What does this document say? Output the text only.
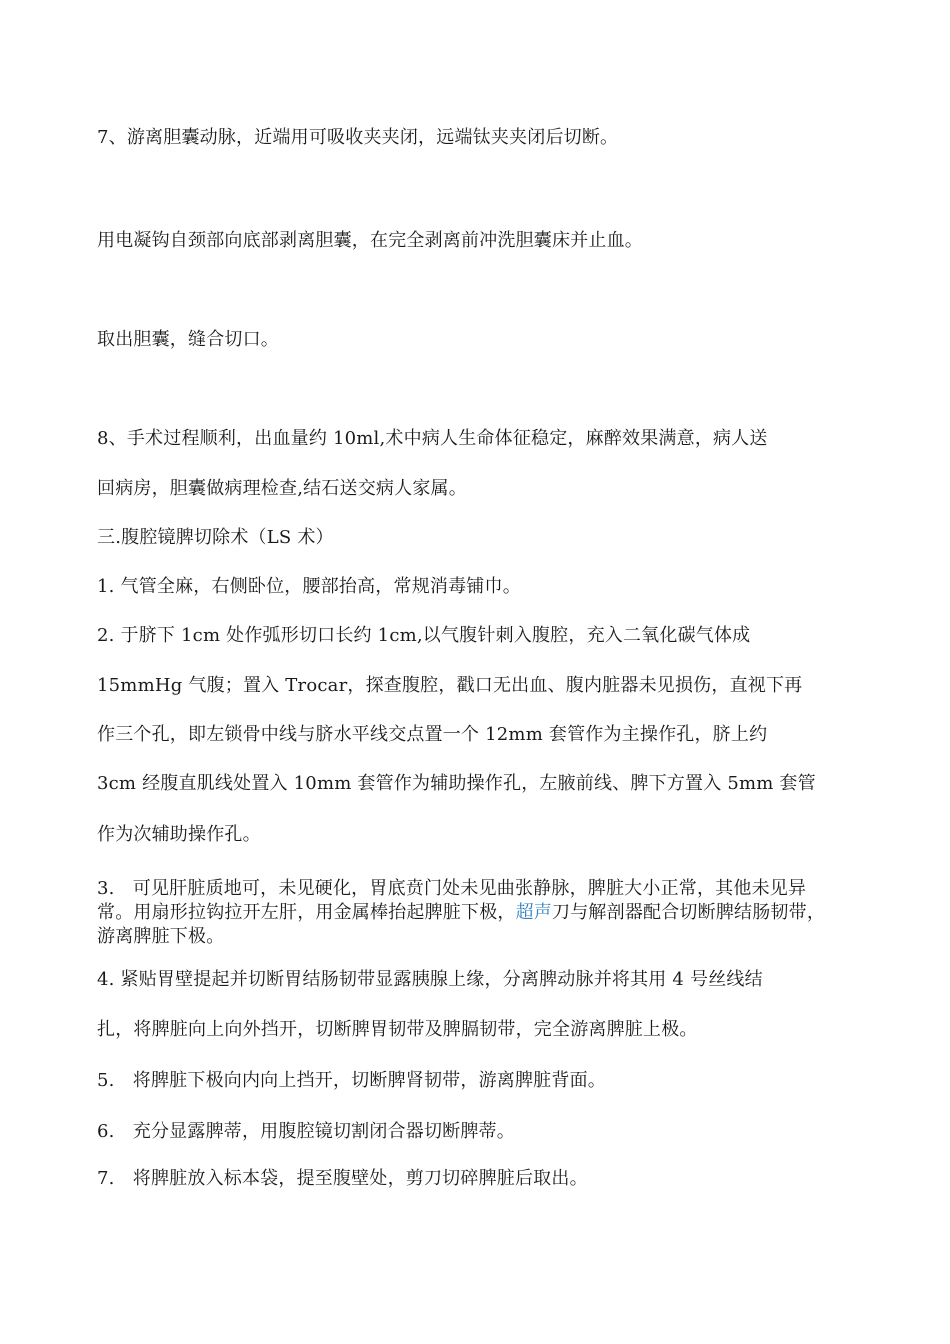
7、游离胆囊动脉，近端用可吸收夹夹闭，远端钛夹夹闭后切断。
用电凝钩自颈部向底部剥离胆囊，在完全剥离前冲洗胆囊床并止血。
取出胆囊，缝合切口。
8、手术过程顺利，出血量约 10ml,术中病人生命体征稳定，麻醉效果满意，病人送
回病房，胆囊做病理检查,结石送交病人家属。
三.腹腔镜脾切除术（LS 术）
1. 气管全麻，右侧卧位，腰部抬高，常规消毒铺巾。
2. 于脐下 1cm 处作弧形切口长约 1cm,以气腹针刺入腹腔，充入二氧化碳气体成
15mmHg 气腹；置入 Trocar，探查腹腔，戳口无出血、腹内脏器未见损伤，直视下再
作三个孔，即左锁骨中线与脐水平线交点置一个 12mm 套管作为主操作孔，脐上约
3cm 经腹直肌线处置入 10mm 套管作为辅助操作孔，左腋前线、脾下方置入 5mm 套管
作为次辅助操作孔。
3.　可见肝脏质地可，未见硬化，胃底贲门处未见曲张静脉，脾脏大小正常，其他未见异常。用扇形拉钩拉开左肝，用金属棒抬起脾脏下极，超声刀与解剖器配合切断脾结肠韧带，游离脾脏下极。
4. 紧贴胃壁提起并切断胃结肠韧带显露胰腺上缘，分离脾动脉并将其用 4 号丝线结
扎，将脾脏向上向外挡开，切断脾胃韧带及脾膈韧带，完全游离脾脏上极。
5.　将脾脏下极向内向上挡开，切断脾肾韧带，游离脾脏背面。
6.　充分显露脾蒂，用腹腔镜切割闭合器切断脾蒂。
7.　将脾脏放入标本袋，提至腹壁处，剪刀切碎脾脏后取出。
